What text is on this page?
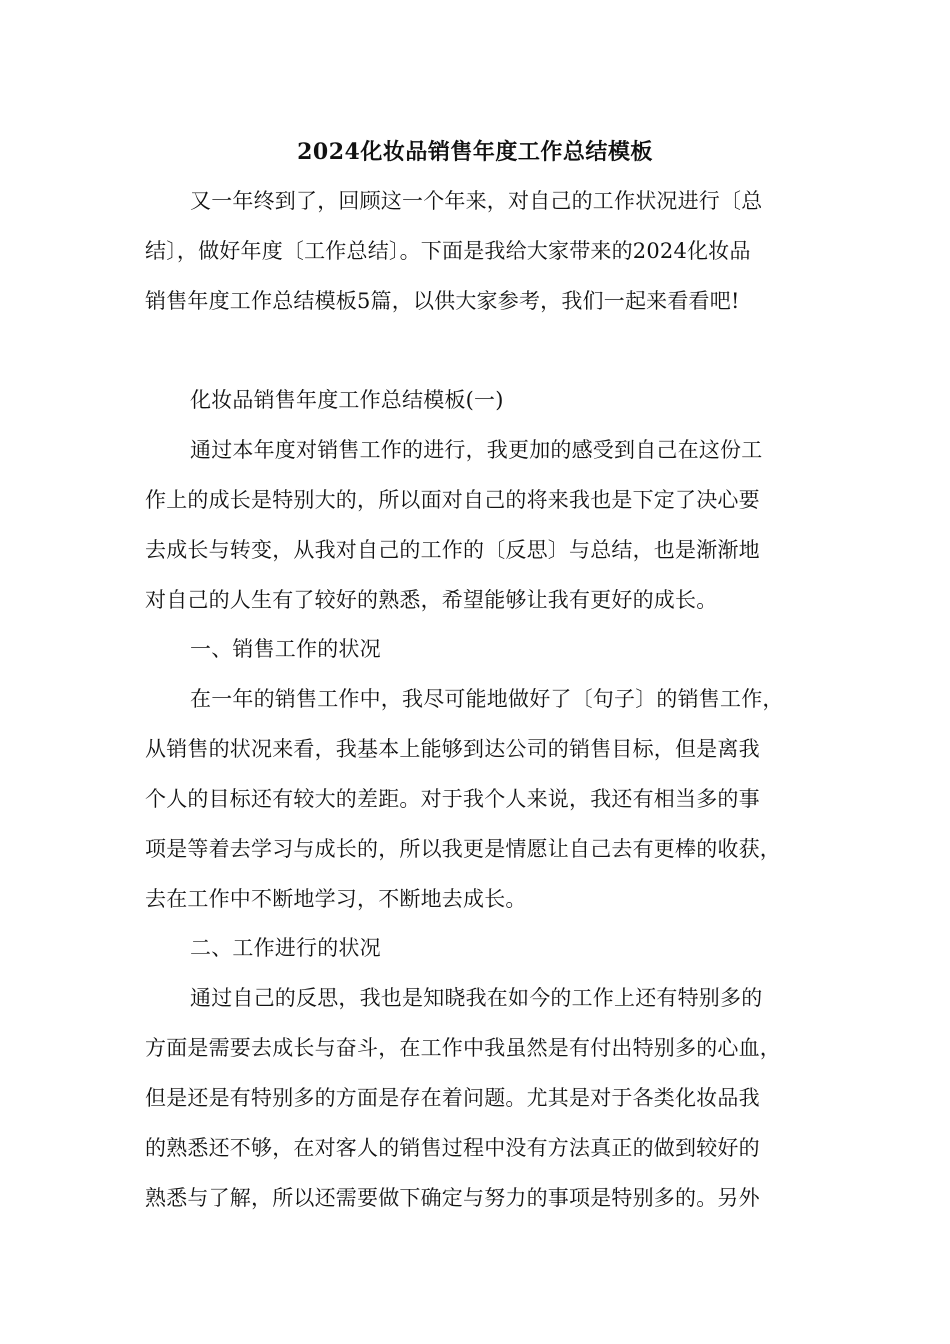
2024化妆品销售年度工作总结模板
又一年终到了，回顾这一个年来，对自己的工作状况进行〔总
结〕，做好年度〔工作总结〕。下面是我给大家带来的2024化妆品
销售年度工作总结模板5篇，以供大家参考，我们一起来看看吧!
化妆品销售年度工作总结模板(一)
通过本年度对销售工作的进行，我更加的感受到自己在这份工
作上的成长是特别大的，所以面对自己的将来我也是下定了决心要
去成长与转变，从我对自己的工作的〔反思〕与总结，也是渐渐地
对自己的人生有了较好的熟悉，希望能够让我有更好的成长。
一、销售工作的状况
在一年的销售工作中，我尽可能地做好了〔句子〕的销售工作，
从销售的状况来看，我基本上能够到达公司的销售目标，但是离我
个人的目标还有较大的差距。对于我个人来说，我还有相当多的事
项是等着去学习与成长的，所以我更是情愿让自己去有更棒的收获，
去在工作中不断地学习，不断地去成长。
二、工作进行的状况
通过自己的反思，我也是知晓我在如今的工作上还有特别多的
方面是需要去成长与奋斗，在工作中我虽然是有付出特别多的心血，
但是还是有特别多的方面是存在着问题。尤其是对于各类化妆品我
的熟悉还不够，在对客人的销售过程中没有方法真正的做到较好的
熟悉与了解，所以还需要做下确定与努力的事项是特别多的。另外
